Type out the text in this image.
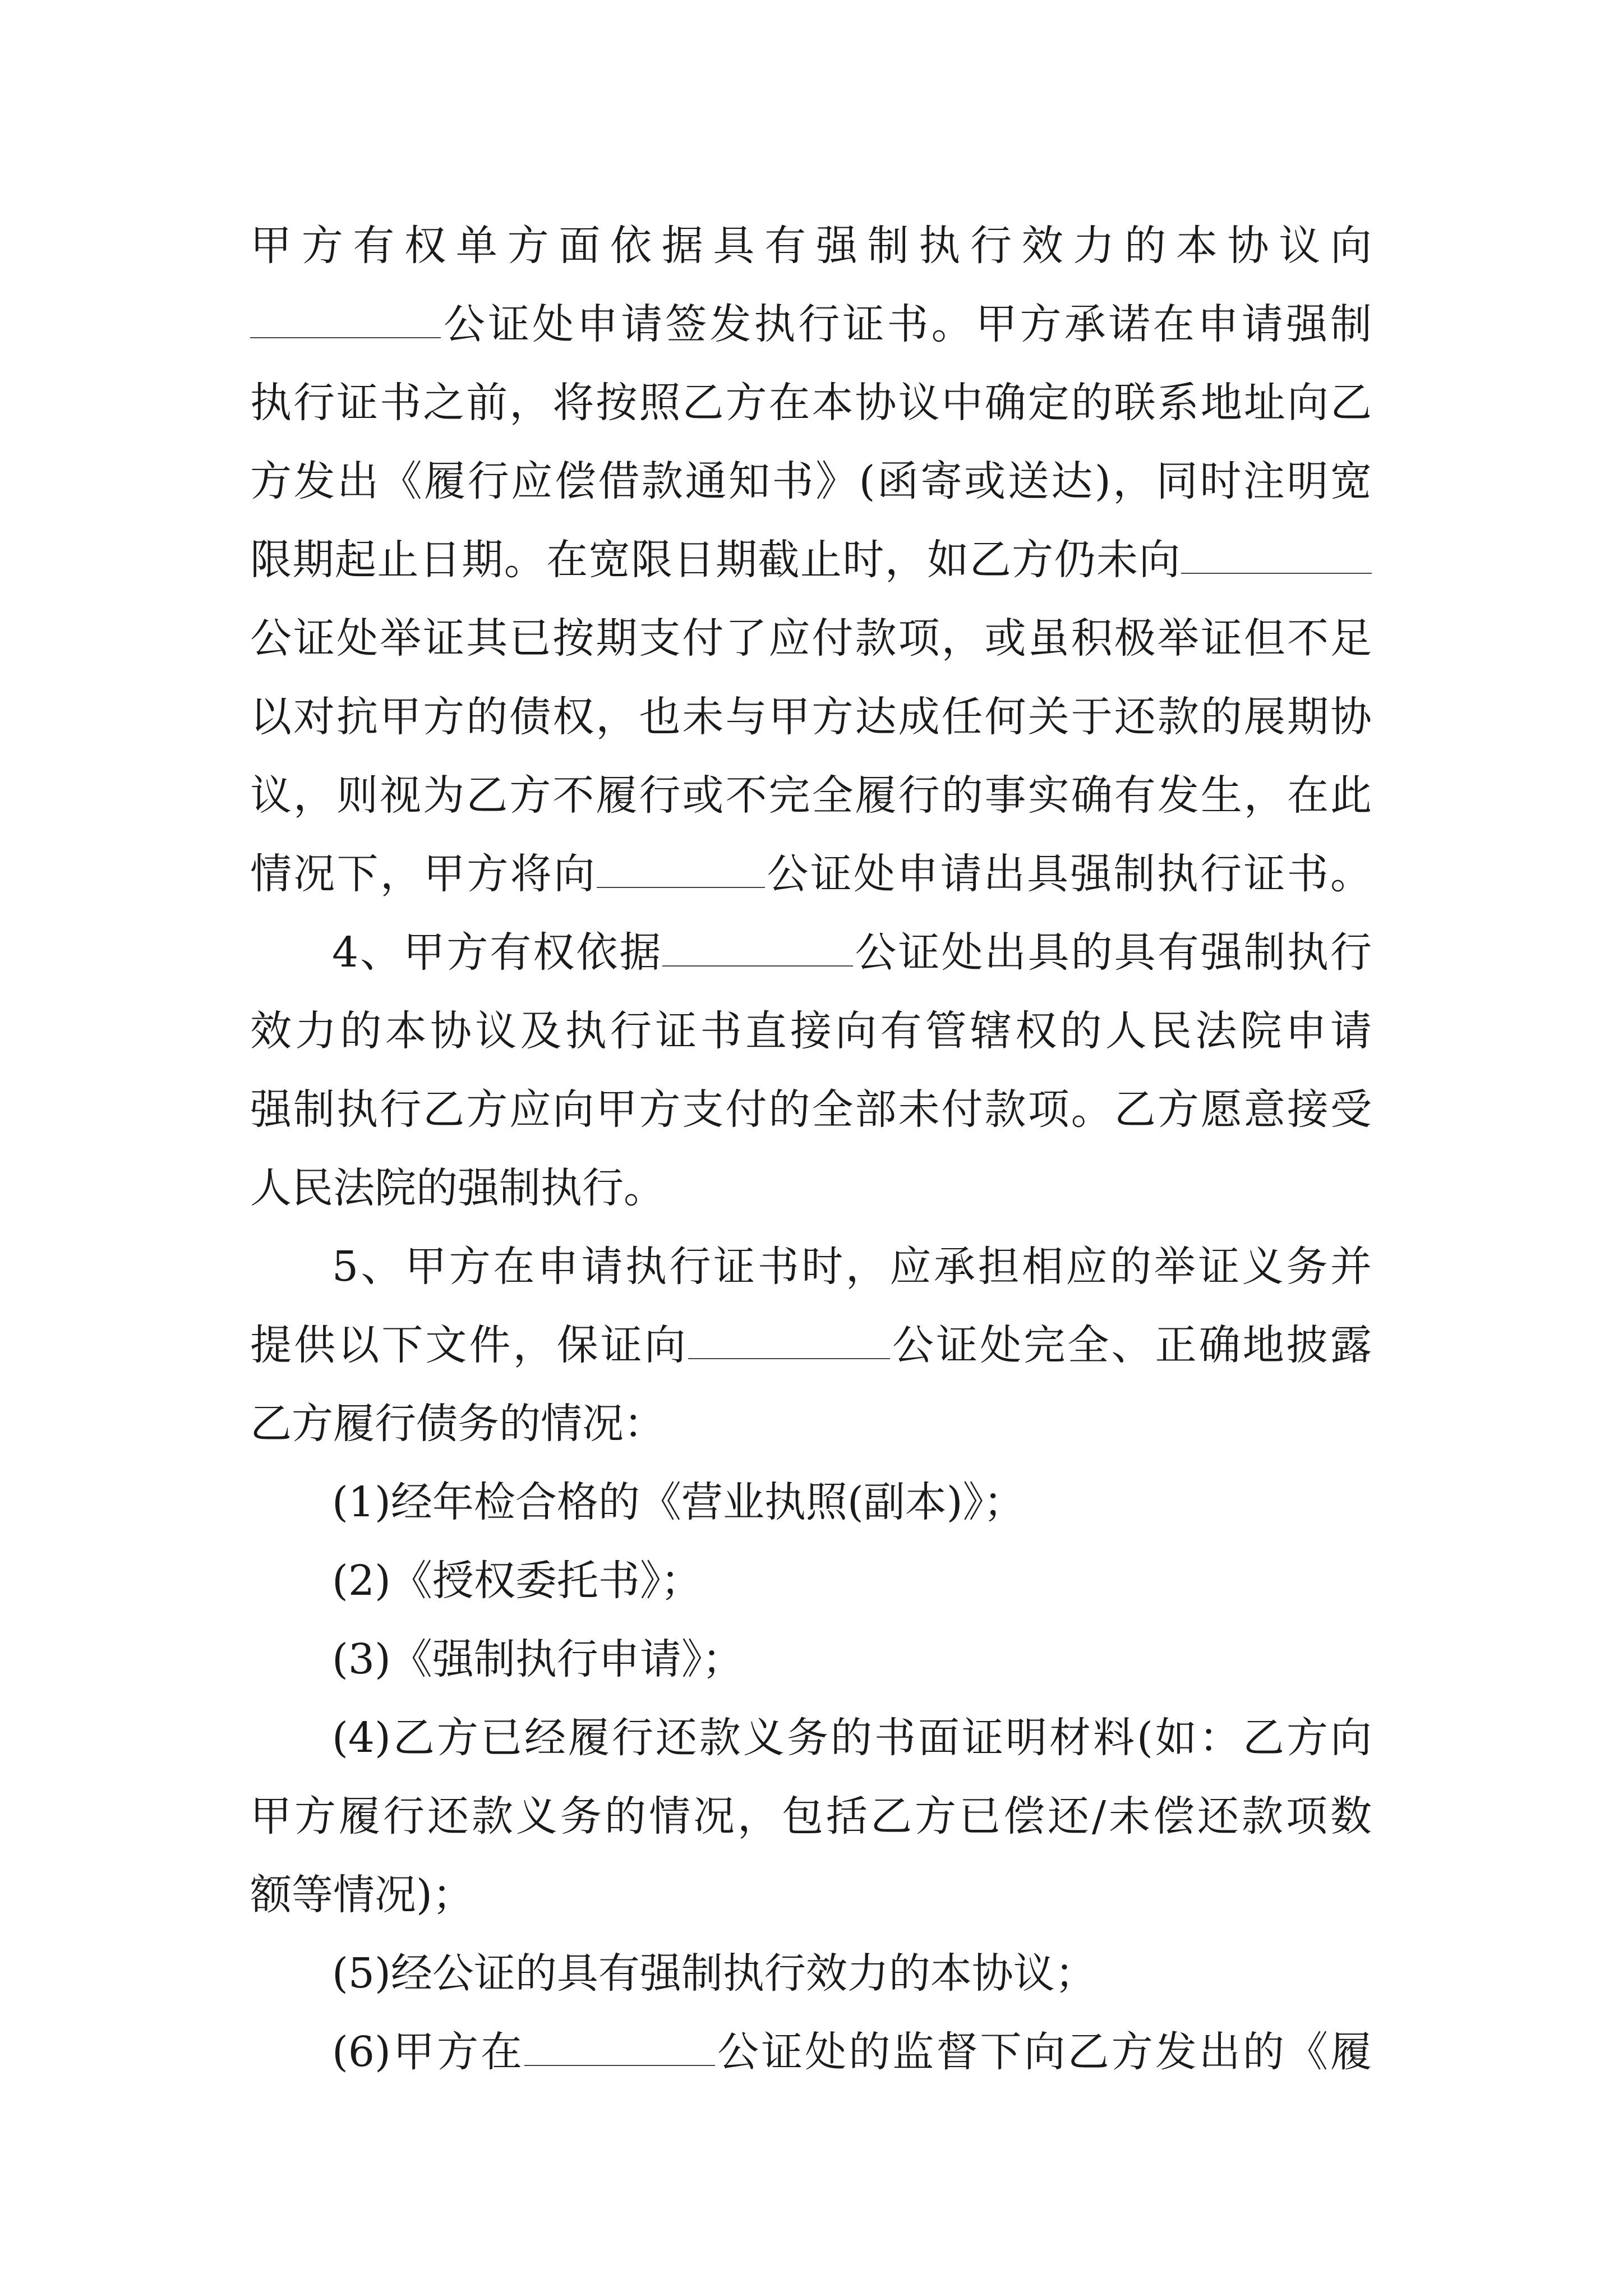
甲方有权单方面依据具有强制执行效力的本协议向
公证处申请签发执行证书。甲方承诺在申请强制
执行证书之前，将按照乙方在本协议中确定的联系地址向乙
方发出《履行应偿借款通知书》(函寄或送达)，同时注明宽
限期起止日期。在宽限日期截止时，如乙方仍未向
公证处举证其已按期支付了应付款项，或虽积极举证但不足
以对抗甲方的债权，也未与甲方达成任何关于还款的展期协
议，则视为乙方不履行或不完全履行的事实确有发生，在此
情况下，甲方将向	公证处申请出具强制执行证书。
4、甲方有权依据	公证处出具的具有强制执行
效力的本协议及执行证书直接向有管辖权的人民法院申请
强制执行乙方应向甲方支付的全部未付款项。乙方愿意接受
人民法院的强制执行。
5、甲方在申请执行证书时，应承担相应的举证义务并
提供以下文件，保证向	公证处完全、正确地披露
乙方履行债务的情况：
(1)经年检合格的《营业执照(副本)》；
(2)《授权委托书》；
(3)《强制执行申请》；
(4)乙方已经履行还款义务的书面证明材料(如：乙方向
甲方履行还款义务的情况，包括乙方已偿还/未偿还款项数
额等情况)；
(5)经公证的具有强制执行效力的本协议；
(6)甲方在	公证处的监督下向乙方发出的《履
